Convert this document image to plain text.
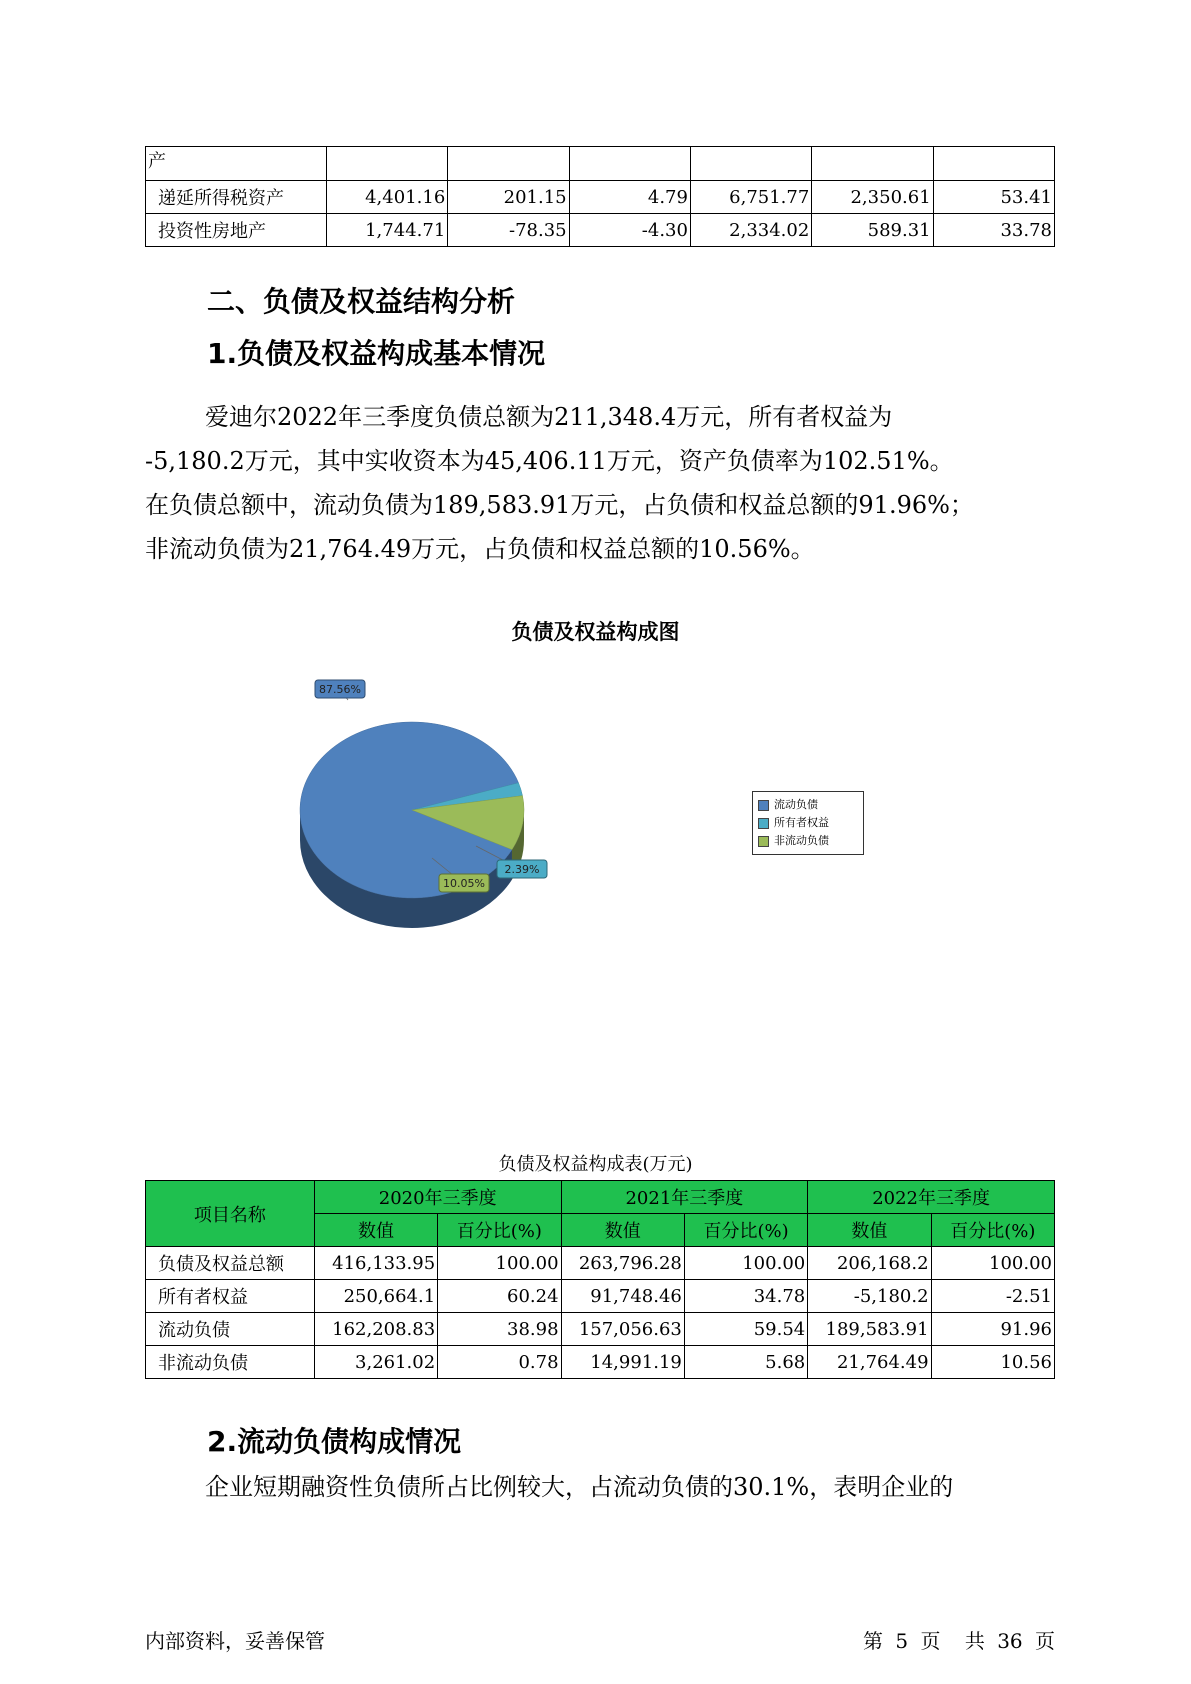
产						
递延所得税资产	4,401.16	201.15	4.79	6,751.77	2,350.61	53.41
投资性房地产	1,744.71	-78.35	-4.30	2,334.02	589.31	33.78
二、负债及权益结构分析
1.负债及权益构成基本情况

爱迪尔2022年三季度负债总额为211,348.4万元，所有者权益为
-5,180.2万元，其中实收资本为45,406.11万元，资产负债率为102.51%。
在负债总额中，流动负债为189,583.91万元，占负债和权益总额的91.96%；
非流动负债为21,764.49万元，占负债和权益总额的10.56%。

负债及权益构成图
87.56%
2.39%
10.05%
流动负债
所有者权益
非流动负债
负债及权益构成表(万元)
项目名称	2020年三季度		2021年三季度		2022年三季度	
	数值	百分比(%)	数值	百分比(%)	数值	百分比(%)
负债及权益总额	416,133.95	100.00	263,796.28	100.00	206,168.2	100.00
所有者权益	250,664.1	60.24	91,748.46	34.78	-5,180.2	-2.51
流动负债	162,208.83	38.98	157,056.63	59.54	189,583.91	91.96
非流动负债	3,261.02	0.78	14,991.19	5.68	21,764.49	10.56
2.流动负债构成情况

企业短期融资性负债所占比例较大，占流动负债的30.1%，表明企业的

内部资料，妥善保管	第 5 页 共 36 页
